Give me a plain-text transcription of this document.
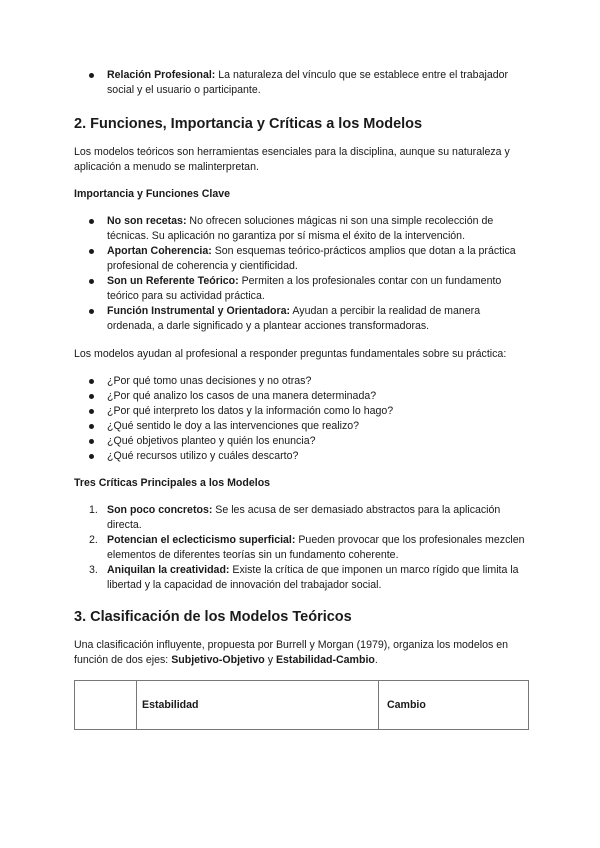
Relación Profesional: La naturaleza del vínculo que se establece entre el trabajador social y el usuario o participante.
2. Funciones, Importancia y Críticas a los Modelos

Los modelos teóricos son herramientas esenciales para la disciplina, aunque su naturaleza y aplicación a menudo se malinterpretan.

Importancia y Funciones Clave
No son recetas: No ofrecen soluciones mágicas ni son una simple recolección de técnicas. Su aplicación no garantiza por sí misma el éxito de la intervención.
Aportan Coherencia: Son esquemas teórico-prácticos amplios que dotan a la práctica profesional de coherencia y cientificidad.
Son un Referente Teórico: Permiten a los profesionales contar con un fundamento teórico para su actividad práctica.
Función Instrumental y Orientadora: Ayudan a percibir la realidad de manera ordenada, a darle significado y a plantear acciones transformadoras.

Los modelos ayudan al profesional a responder preguntas fundamentales sobre su práctica:

¿Por qué tomo unas decisiones y no otras?
¿Por qué analizo los casos de una manera determinada?
¿Por qué interpreto los datos y la información como lo hago?
¿Qué sentido le doy a las intervenciones que realizo?
¿Qué objetivos planteo y quién los enuncia?
¿Qué recursos utilizo y cuáles descarto?
Tres Críticas Principales a los Modelos
1. Son poco concretos: Se les acusa de ser demasiado abstractos para la aplicación directa.
2. Potencian el eclecticismo superficial: Pueden provocar que los profesionales mezclen elementos de diferentes teorías sin un fundamento coherente.
3. Aniquilan la creatividad: Existe la crítica de que imponen un marco rígido que limita la libertad y la capacidad de innovación del trabajador social.
3. Clasificación de los Modelos Teóricos

Una clasificación influyente, propuesta por Burrell y Morgan (1979), organiza los modelos en función de dos ejes: Subjetivo-Objetivo y Estabilidad-Cambio.

	Estabilidad	Cambio
